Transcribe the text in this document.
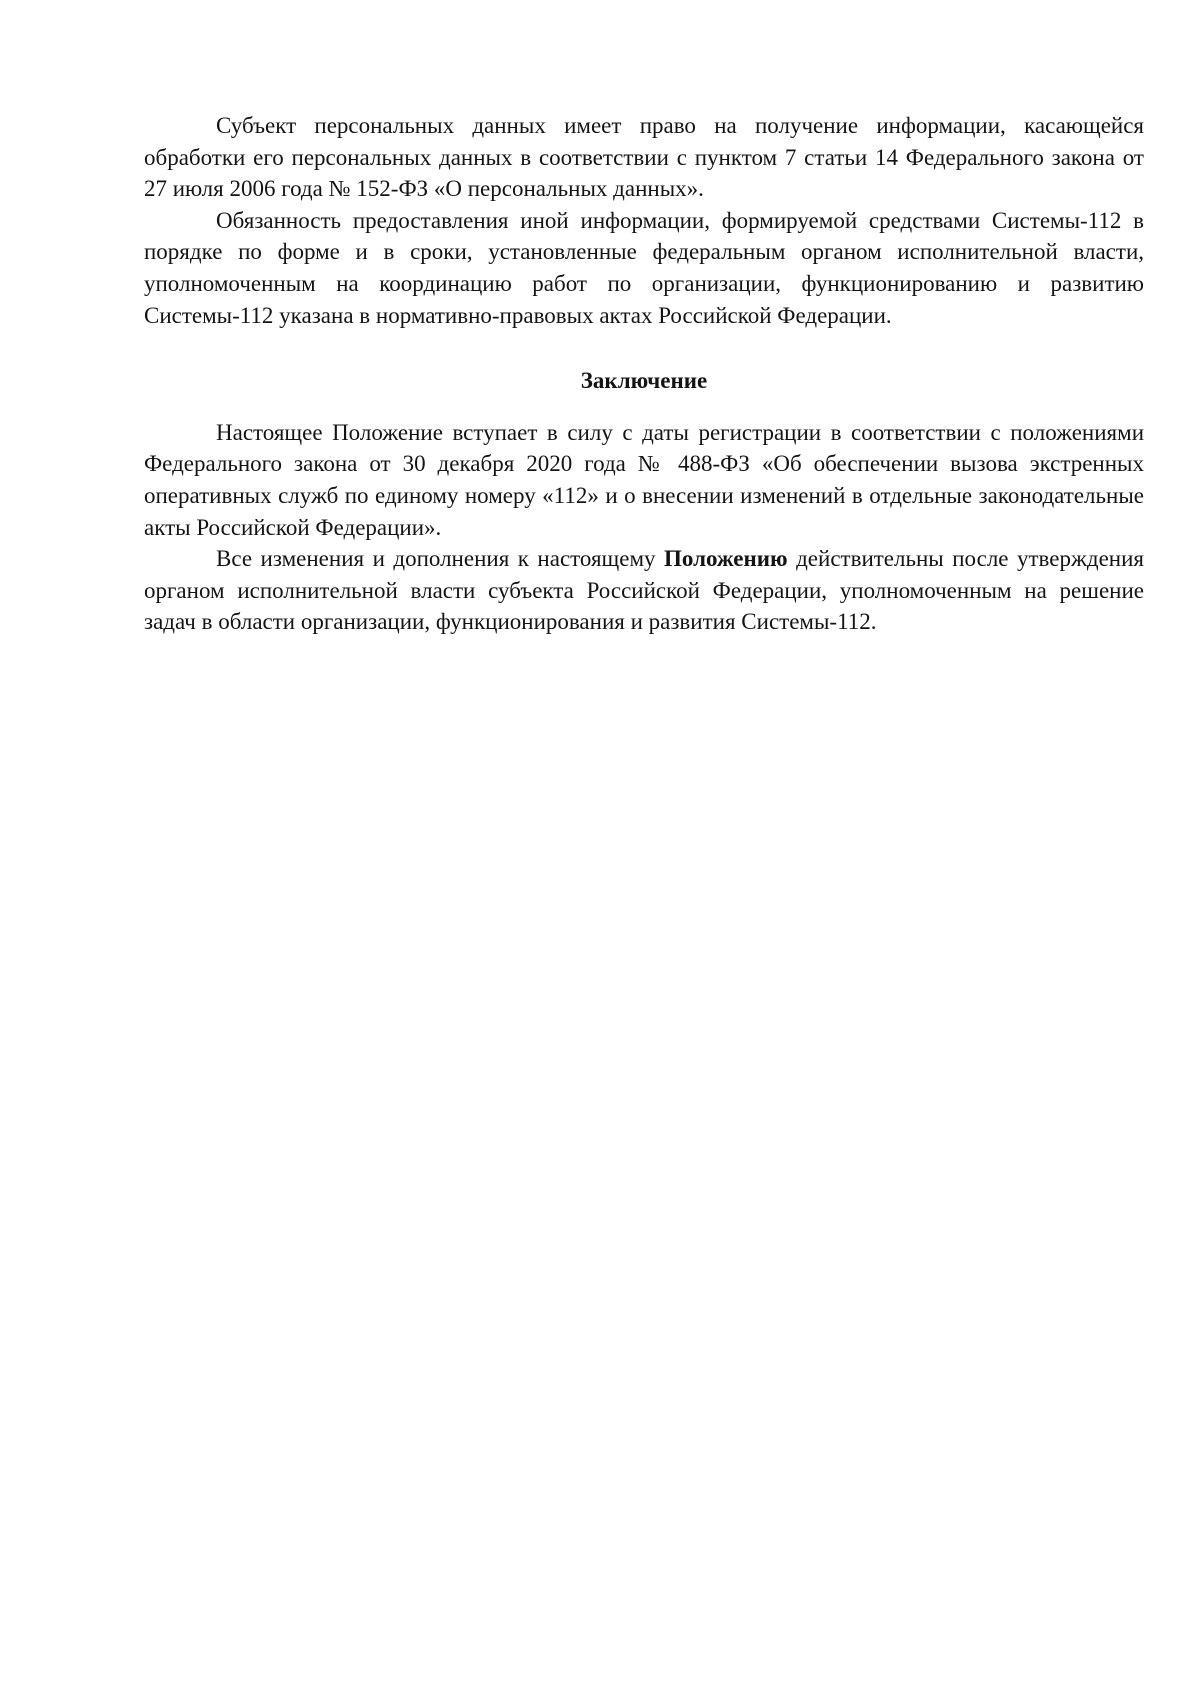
Субъект персональных данных имеет право на получение информации, касающейся обработки его персональных данных в соответствии с пунктом 7 статьи 14 Федерального закона от 27 июля 2006 года № 152-ФЗ «О персональных данных».

Обязанность предоставления иной информации, формируемой средствами Системы-112 в порядке по форме и в сроки, установленные федеральным органом исполнительной власти, уполномоченным на координацию работ по организации, функционированию и развитию Системы-112 указана в нормативно-правовых актах Российской Федерации.

Заключение

Настоящее Положение вступает в силу с даты регистрации в соответствии с положениями Федерального закона от 30 декабря 2020 года № 488-ФЗ «Об обеспечении вызова экстренных оперативных служб по единому номеру «112» и о внесении изменений в отдельные законодательные акты Российской Федерации».

Все изменения и дополнения к настоящему Положению действительны после утверждения органом исполнительной власти субъекта Российской Федерации, уполномоченным на решение задач в области организации, функционирования и развития Системы-112.
